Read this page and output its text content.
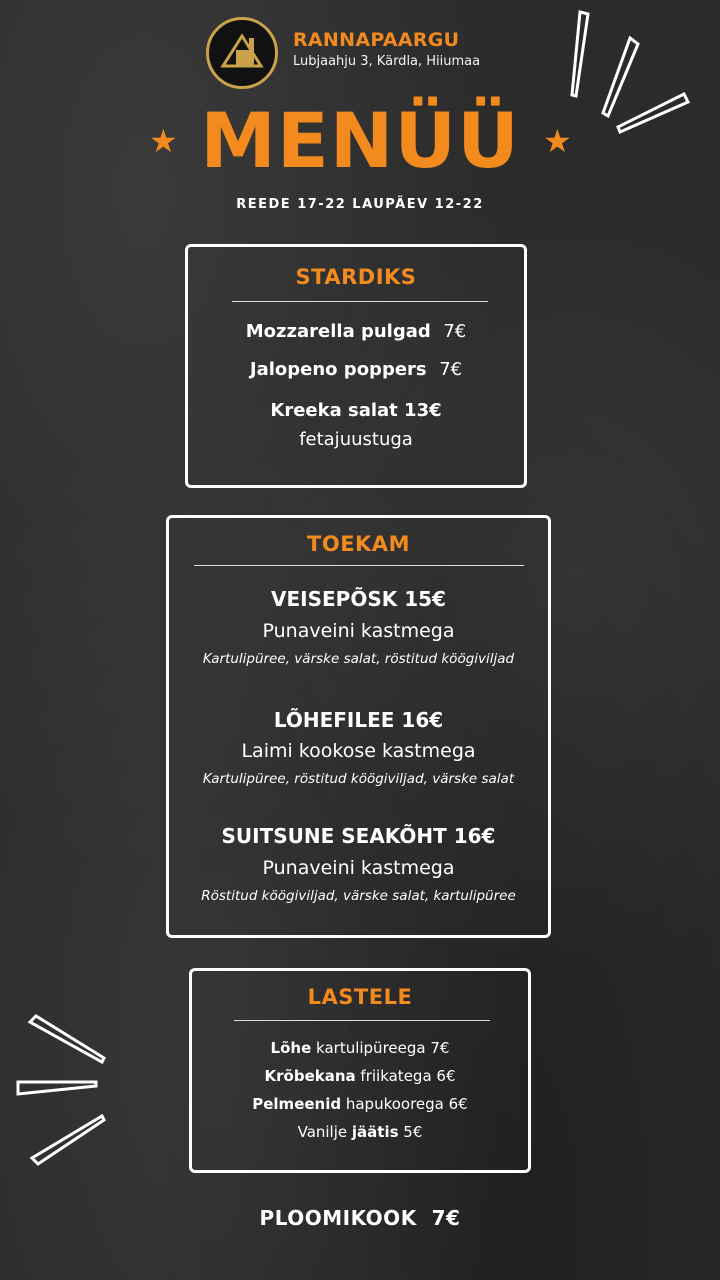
RANNAPAARGU
Lubjaahju 3, Kärdla, Hiiumaa
★	★
MENÜÜ
REEDE 17-22 LAUPÄEV 12-22
STARDIKS
Mozzarella pulgad 7€
Jalopeno poppers 7€
Kreeka salat 13€
fetajuustuga
TOEKAM
VEISEPÕSK 15€
Punaveini kastmega
Kartulipüree, värske salat, röstitud köögiviljad
LÕHEFILEE 16€
Laimi kookose kastmega
Kartulipüree, röstitud köögiviljad, värske salat
SUITSUNE SEAKÕHT 16€
Punaveini kastmega
Röstitud köögiviljad, värske salat, kartulipüree
LASTELE
Lõhe kartulipüreega 7€
Krõbekana friikatega 6€
Pelmeenid hapukoorega 6€
Vanilje jäätis 5€
PLOOMIKOOK  7€
